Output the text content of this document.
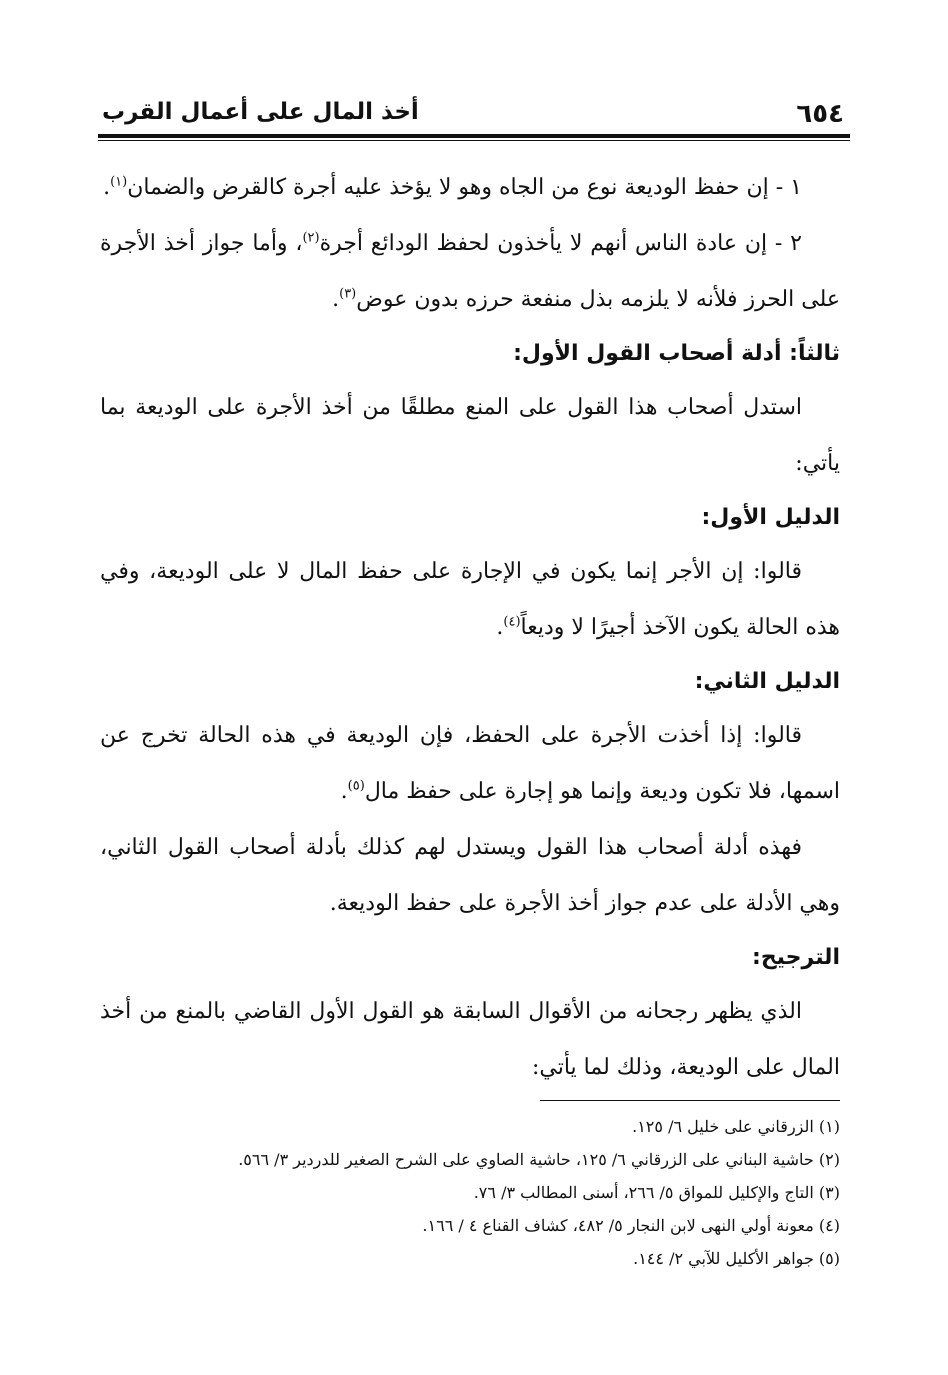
٦٥٤
أخذ المال على أعمال القرب

١ - إن حفظ الوديعة نوع من الجاه وهو لا يؤخذ عليه أجرة كالقرض والضمان$^{(١)}$.

٢ - إن عادة الناس أنهم لا يأخذون لحفظ الودائع أجرة$^{(٢)}$، وأما جواز أخذ الأجرة على الحرز فلأنه لا يلزمه بذل منفعة حرزه بدون عوض$^{(٣)}$.

ثالثاً: أدلة أصحاب القول الأول:

استدل أصحاب هذا القول على المنع مطلقًا من أخذ الأجرة على الوديعة بما يأتي:

الدليل الأول:

قالوا: إن الأجر إنما يكون في الإجارة على حفظ المال لا على الوديعة، وفي هذه الحالة يكون الآخذ أجيرًا لا وديعاً$^{(٤)}$.

الدليل الثاني:

قالوا: إذا أخذت الأجرة على الحفظ، فإن الوديعة في هذه الحالة تخرج عن اسمها، فلا تكون وديعة وإنما هو إجارة على حفظ مال$^{(٥)}$.

فهذه أدلة أصحاب هذا القول ويستدل لهم كذلك بأدلة أصحاب القول الثاني، وهي الأدلة على عدم جواز أخذ الأجرة على حفظ الوديعة.

الترجيح:

الذي يظهر رجحانه من الأقوال السابقة هو القول الأول القاضي بالمنع من أخذ المال على الوديعة، وذلك لما يأتي:

(١) الزرقاني على خليل ٦/ ١٢٥.

(٢) حاشية البناني على الزرقاني ٦/ ١٢٥، حاشية الصاوي على الشرح الصغير للدردير ٣/ ٥٦٦.

(٣) التاج والإكليل للمواق ٥/ ٢٦٦، أسنى المطالب ٣/ ٧٦.

(٤) معونة أولي النهى لابن النجار ٥/ ٤٨٢، كشاف القناع ٤ / ١٦٦.

(٥) جواهر الأكليل للآبي ٢/ ١٤٤.
